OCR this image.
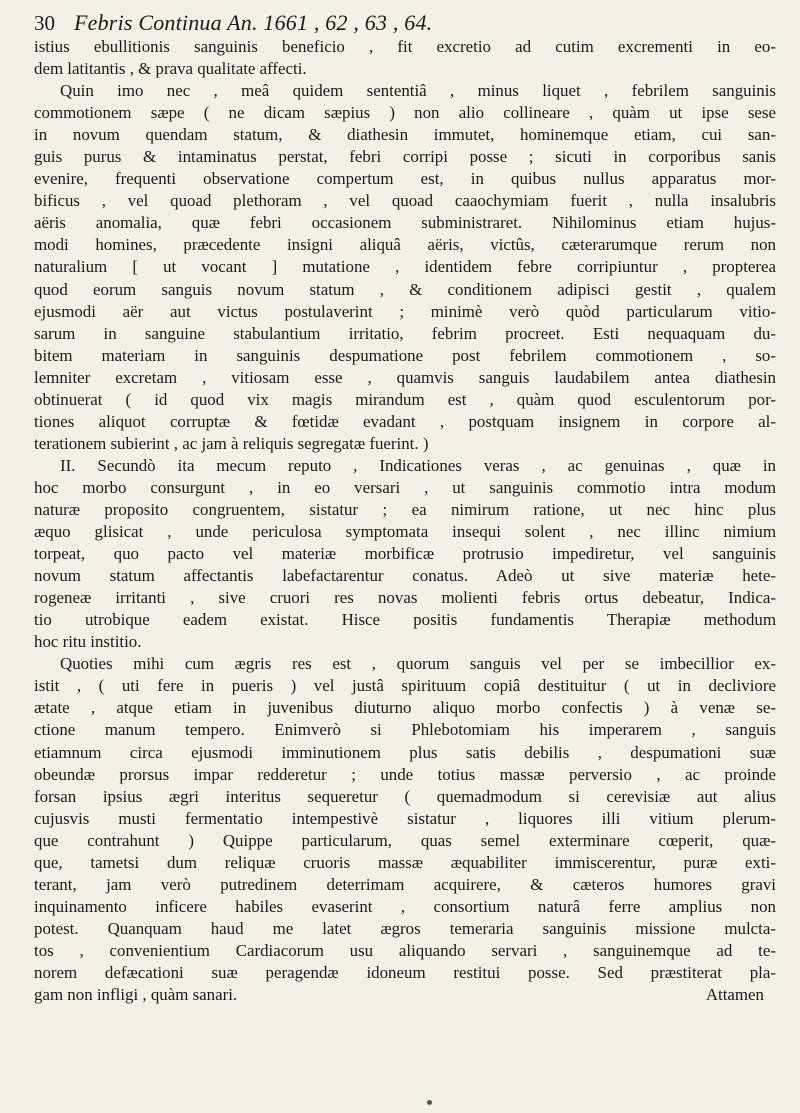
30 Febris Continua An. 1661 , 62 , 63 , 64.
istius ebullitionis sanguinis beneficio , fit excretio ad cutim excrementi in eo-
dem latitantis , & prava qualitate affecti.
Quin imo nec , meâ quidem sententiâ , minus liquet , febrilem sanguinis
commotionem sæpe ( ne dicam sæpius ) non alio collineare , quàm ut ipse sese
in novum quendam statum, & diathesin immutet, hominemque etiam, cui san-
guis purus & intaminatus perstat, febri corripi posse ; sicuti in corporibus sanis
evenire, frequenti observatione compertum est, in quibus nullus apparatus mor-
bificus , vel quoad plethoram , vel quoad caaochymiam fuerit , nulla insalubris
aëris anomalia, quæ febri occasionem subministraret. Nihilominus etiam hujus-
modi homines, præcedente insigni aliquâ aëris, victûs, cæterarumque rerum non
naturalium [ ut vocant ] mutatione , identidem febre corripiuntur , propterea
quod eorum sanguis novum statum , & conditionem adipisci gestit , qualem
ejusmodi aër aut victus postulaverint ; minimè verò quòd particularum vitio-
sarum in sanguine stabulantium irritatio, febrim procreet. Esti nequaquam du-
bitem materiam in sanguinis despumatione post febrilem commotionem , so-
lemniter excretam , vitiosam esse , quamvis sanguis laudabilem antea diathesin
obtinuerat ( id quod vix magis mirandum est , quàm quod esculentorum por-
tiones aliquot corruptæ & fœtidæ evadant , postquam insignem in corpore al-
terationem subierint , ac jam à reliquis segregatæ fuerint. )
II. Secundò ita mecum reputo , Indicationes veras , ac genuinas , quæ in
hoc morbo consurgunt , in eo versari , ut sanguinis commotio intra modum
naturæ proposito congruentem, sistatur ; ea nimirum ratione, ut nec hinc plus
æquo glisicat , unde periculosa symptomata insequi solent , nec illinc nimium
torpeat, quo pacto vel materiæ morbificæ protrusio impediretur, vel sanguinis
novum statum affectantis labefactarentur conatus. Adeò ut sive materiæ hete-
rogeneæ irritanti , sive cruori res novas molienti febris ortus debeatur, Indica-
tio utrobique eadem existat. Hisce positis fundamentis Therapiæ methodum
hoc ritu institio.
Quoties mihi cum ægris res est , quorum sanguis vel per se imbecillior ex-
istit , ( uti fere in pueris ) vel justâ spirituum copiâ destituitur ( ut in decliviore
ætate , atque etiam in juvenibus diuturno aliquo morbo confectis ) à venæ se-
ctione manum tempero. Enimverò si Phlebotomiam his imperarem , sanguis
etiamnum circa ejusmodi imminutionem plus satis debilis , despumationi suæ
obeundæ prorsus impar redderetur ; unde totius massæ perversio , ac proinde
forsan ipsius ægri interitus sequeretur ( quemadmodum si cerevisiæ aut alius
cujusvis musti fermentatio intempestivè sistatur , liquores illi vitium plerum-
que contrahunt ) Quippe particularum, quas semel exterminare cœperit, quæ-
que, tametsi dum reliquæ cruoris massæ æquabiliter immiscerentur, puræ exti-
terant, jam verò putredinem deterrimam acquirere, & cæteros humores gravi
inquinamento inficere habiles evaserint , consortium naturâ ferre amplius non
potest. Quanquam haud me latet ægros temeraria sanguinis missione mulcta-
tos , convenientium Cardiacorum usu aliquando servari , sanguinemque ad te-
norem defæcationi suæ peragendæ idoneum restitui posse. Sed præstiterat pla-
gam non infligi , quàm sanari.	Attamen
